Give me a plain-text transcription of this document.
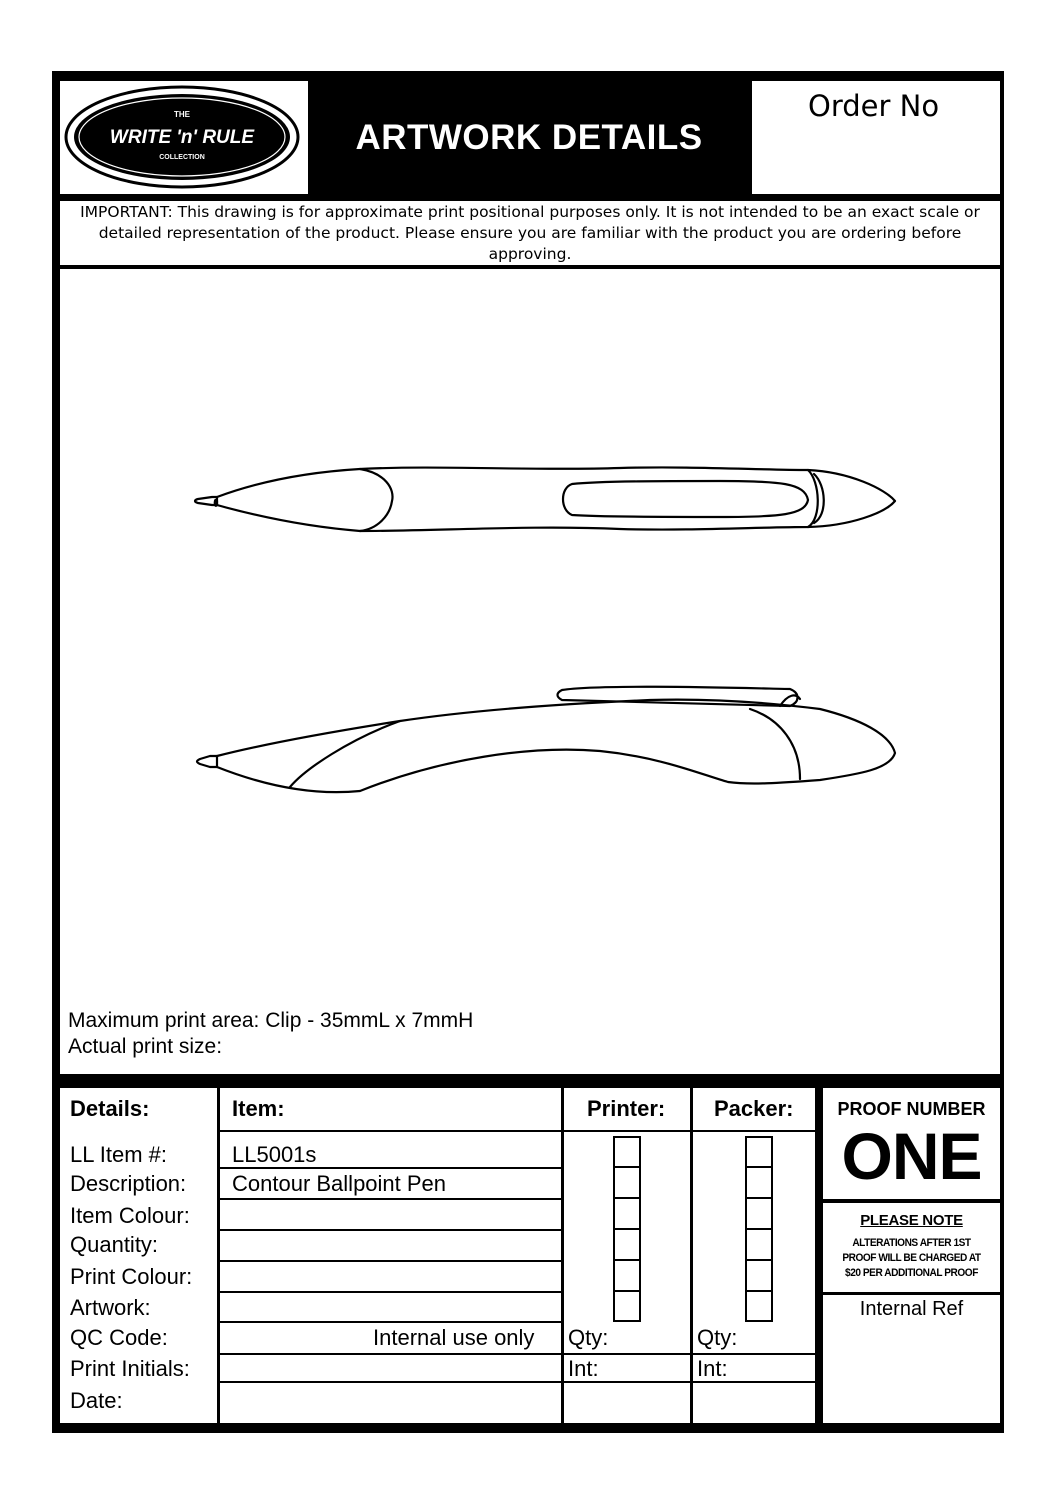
THE
WRITE 'n' RULE
COLLECTION
ARTWORK DETAILS
Order No
IMPORTANT: This drawing is for approximate print positional purposes only. It is not intended to be an exact scale or detailed representation of the product. Please ensure you are familiar with the product you are ordering before approving.
Maximum print area: Clip - 35mmL x 7mmH
Actual print size:
Details:	Item:	Printer: Packer:
LL Item #:
Description:
Item Colour:
Quantity:
Print Colour:
Artwork:
QC Code:
Print Initials:
Date:
LL5001s
Contour Ballpoint Pen
Internal use only Qty:
Int:
Qty:
Int:
PROOF NUMBER
ONE
PLEASE NOTE
ALTERATIONS AFTER 1ST PROOF WILL BE CHARGED AT $20 PER ADDITIONAL PROOF
Internal Ref
